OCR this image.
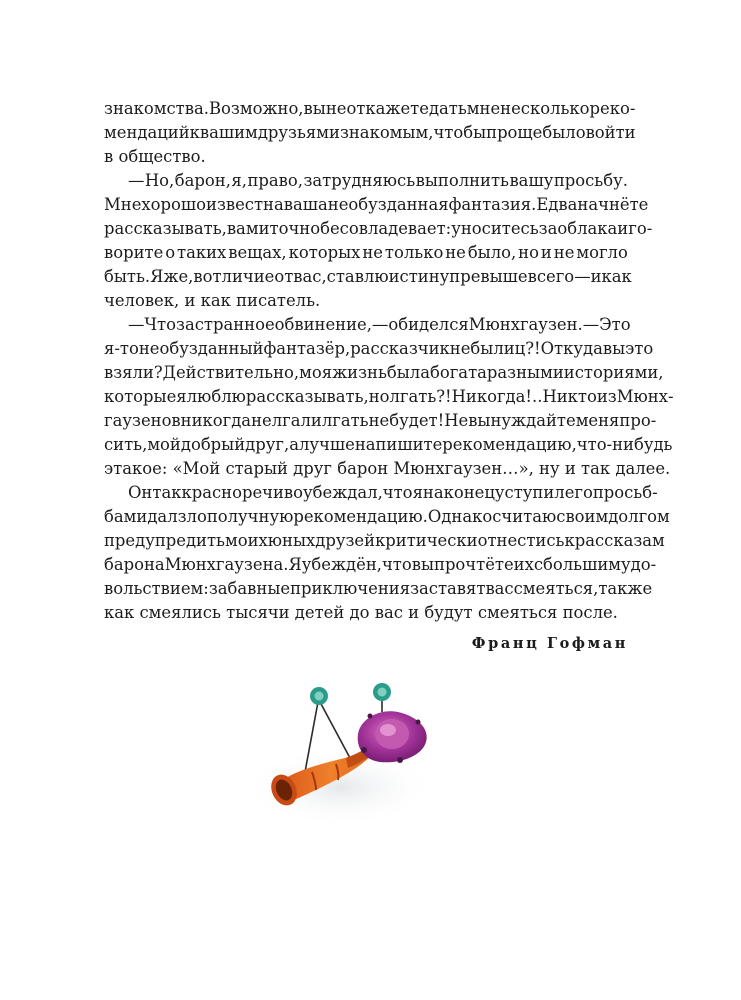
знакомства. Возможно, вы не откажете дать мне несколько реко-
мендаций к вашим друзьям и знакомым, чтобы проще было войти
в общество.
— Но, барон, я, право, затрудняюсь выполнить вашу просьбу.
Мне хорошо известна ваша необузданная фантазия. Едва начнёте
рассказывать, вами точно бес овладевает: уноситесь за облака и го-
ворите о таких вещах, которых не только не было, но и не могло
быть. Я же, в отличие от вас, ставлю истину превыше всего — и как
человек, и как писатель.
— Что за странное обвинение, — обиделся Мюнхгаузен. — Это
я-то необузданный фантазёр, рассказчик небылиц?! Откуда вы это
взяли? Действительно, моя жизнь была богата разными историями,
которые я люблю рассказывать, но лгать?! Никогда!.. Никто из Мюнх-
гаузенов никогда не лгал и лгать не будет! Не вынуждайте меня про-
сить, мой добрый друг, а лучше напишите рекомендацию, что-нибудь
этакое: «Мой старый друг барон Мюнхгаузен…», ну и так далее.
Он так красноречиво убеждал, что я наконец уступил его просьб-
бам и дал злополучную рекомендацию. Однако считаю своим долгом
предупредить моих юных друзей критически отнестись к рассказам
барона Мюнхгаузена. Я убеждён, что вы прочтёте их с большим удо-
вольствием: забавные приключения заставят вас смеяться, так же
как смеялись тысячи детей до вас и будут смеяться после.
Франц Гофман
